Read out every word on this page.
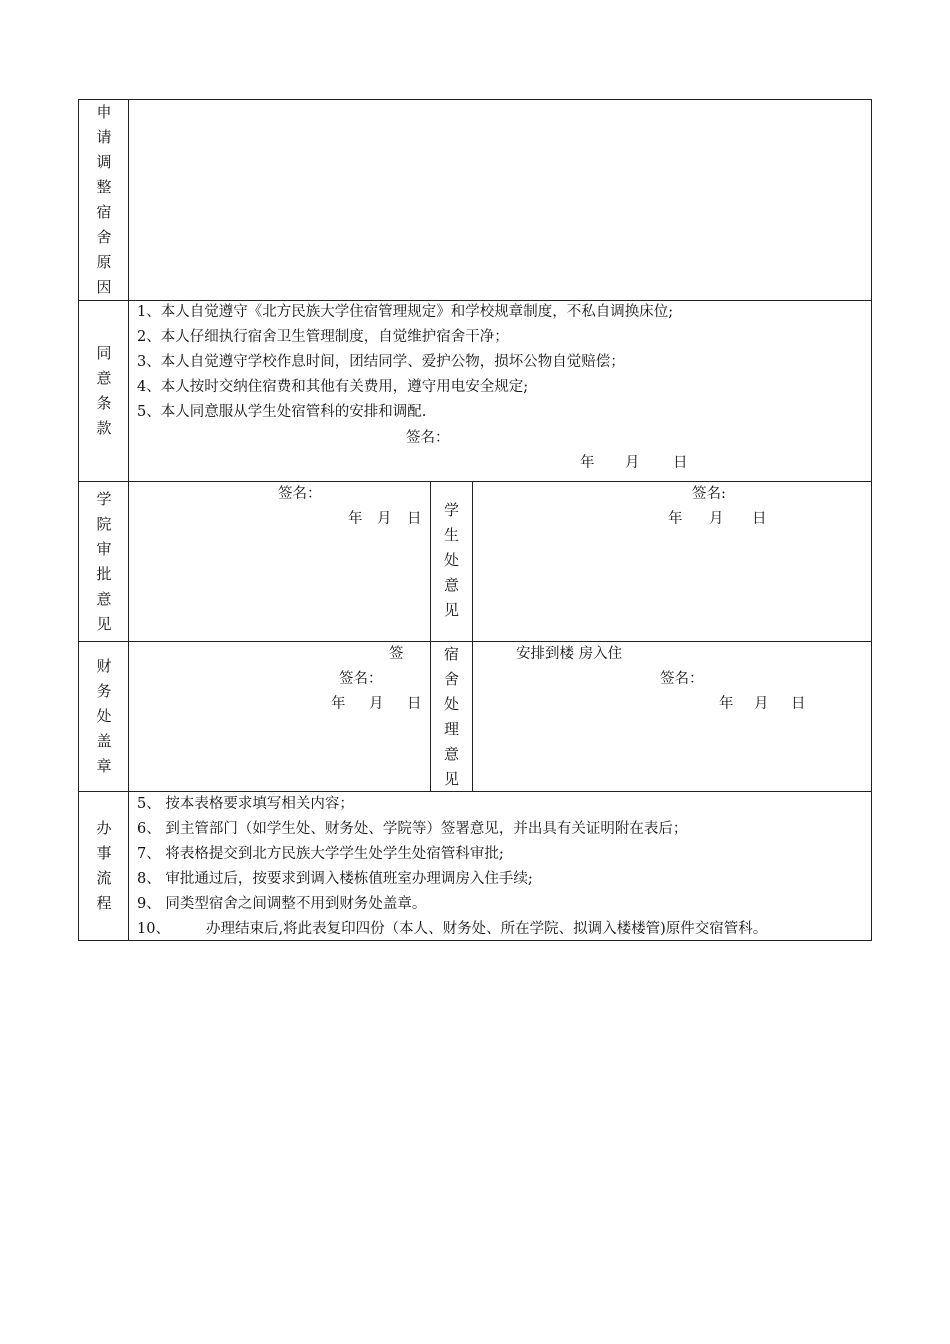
申
请
调
整
宿
舍
原
因
同
意
条
款
1、本人自觉遵守《北方民族大学住宿管理规定》和学校规章制度，不私自调换床位;
2、本人仔细执行宿舍卫生管理制度，自觉维护宿舍干净；
3、本人自觉遵守学校作息时间，团结同学、爱护公物，损坏公物自觉赔偿；
4、本人按时交纳住宿费和其他有关费用，遵守用电安全规定;
5、本人同意服从学生处宿管科的安排和调配.
签名：
年 月 日
学
院
审
批
意
见
签名：
年 月 日
学
生
处
意
见
签名:
年 月 日
财
务
处
盖
章
签
签名：
年 月 日
宿
舍
处
理
意
见
安排到楼 房入住
签名：
年 月 日
办
事
流
程
5、 按本表格要求填写相关内容；
6、 到主管部门（如学生处、财务处、学院等）签署意见，并出具有关证明附在表后；
7、 将表格提交到北方民族大学学生处学生处宿管科审批;
8、 审批通过后，按要求到调入楼栋值班室办理调房入住手续;
9、 同类型宿舍之间调整不用到财务处盖章。
10、 办理结束后,将此表复印四份（本人、财务处、所在学院、拟调入楼楼管)原件交宿管科。
